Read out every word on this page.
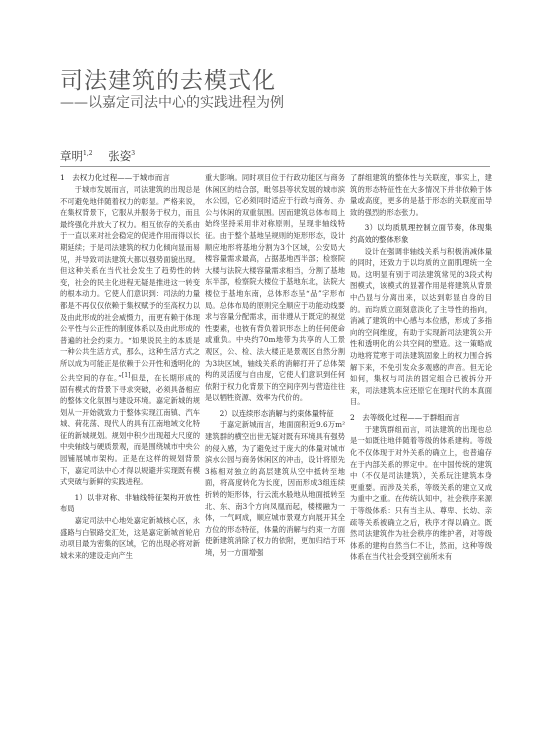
司法建筑的去模式化
——以嘉定司法中心的实践进程为例
章明$^{1,2}$ 张姿$^3$
1　去权力化过程——于城市而言

于城市发展而言，司法建筑的出现总是不可避免地伴随着权力的彰显。严格来说，在集权背景下，它服从并服务于权力，而且最终强化并放大了权力。相互依存的关系由于一直以来对社会稳定的促进作用而得以长期延续；于是司法建筑的权力化倾向显而易见，并导致司法建筑大都以强势面貌出现。但这种关系在当代社会发生了趋势性的转变，社会的民主化进程无疑是推进这一转变的根本动力。它使人们意识到：司法的力量都是不再仅仅依赖于集权赋予的至高权力以及由此形成的社会威慑力，而更有赖于体现公平性与公正性的制度体系以及由此形成的普遍的社会约束力。“如果说民主的本质是一种公共生活方式，那么，这种生活方式之所以成为可能正是依赖于公开性和透明化的公共空间的存在。”[1]但是，在长期形成的固有模式的背景下寻求突破，必须具备相应的整体文化氛围与建设环境。嘉定新城的规划从一开始就致力于整体实现江南镇、汽车城、荷花荡、现代人的具有江南地域文化特征的新城规划。规划中积少出现超大尺度的中央轴线与硬质景观，而是围绕城市中央公园铺展城市架构。正是在这样的规划背景下，嘉定司法中心才得以规避并实现既有模式突破与新鲜的实践进程。

1）以非对称、非轴线特征架构开放性布局

嘉定司法中心地处嘉定新城核心区，永盛路与白银路交汇处，这是嘉定新城首轮启动项目最为密集的区域，它的出现必将对新城未来的建设走向产生

重大影响。同时项目位于行政功能区与商务休闲区的结合部，毗邻县等状发展的城市滨水公园，它必须同时适应于行政与商务、办公与休闲的双重氛围。因而建筑总体布局上始终坚持采用非对称原则，呈现非轴线特征。由于整个基地呈规则的矩形形态，设计顺应地形将基地分割为3个区域，公安局大楼容量需求最高，占据基地西半部；检察院大楼与法院大楼容量需求相当，分割了基地东半部，检察院大楼位于基地东北，法院大楼位于基地东南，总体形态呈“品”字形布局。总体布局的原则完全顺应于功能动线要求与容量分配需求，而非遵从于既定的视觉性要素，也彼有背负着识形态上的任何使命或重负。中央约70m地带为共享的人工景观区，公、检、法大楼正是景观区自然分割为3块区域，轴线关系的消解打开了总体架构的灵活度与自由度，它使人们意识到任何依附于权力化背景下的空间序列与营造往往是以牺牲资源、效率为代价的。

2）以连续形态消解与约束体量特征

于嘉定新城而言，地面面积近9.6万m²建筑群的横空出世无疑对既有环境具有强势的侵入感，为了避免过于庞大的体量对城市滨水公园与商务休闲区的冲击，设计将原先3栋相对独立的高层建筑从空中抵转至地面，将高度转化为长度，因而形成3组连续折转的矩形体，行云流水般地从地面抵转至北、东、南3个方向凤凰而起，楼楼融为一体，一气呵成，顺应城市景观方向展开其全方位的形态特征，体量的消解与约束一方面使新建筑消除了权力的依附，更加归结于环境，另一方面增强

了群组建筑的整体性与关联度，事实上，建筑的形态特征性在大多情况下并非依赖于体量或高度，更多的是基于形态的关联度而导致的强烈的形态张力。

3）以均质肌理控制立面节奏，体现集约高效的整体形象

设计在强调非轴线关系与积极消减体量的同时，还致力于以均质的立面肌理统一全局。这明显有别于司法建筑常见的3段式构图模式，该模式的显著作用是将建筑从背景中凸显与分离出来，以达到彰显自身的目的。而均质立面刻意淡化了主导性的指向，消减了建筑的中心感与本位感，形成了多指向的空间维度，有助于实现新司法建筑公开性和透明化的公共空间的塑造。这一策略成功地将荒寒于司法建筑固象上的权力围合拆解下来，不免引发众多观感的声音。但无论如何，集权与司法的固定组合已被拆分开来，司法建筑本应还原它在现时代的本真面目。

2　去等级化过程——于群组而言

于建筑群组而言，司法建筑的出现也总是一如既往地伴随着等级的体系建构。等级化不仅体现于对外关系的确立上，也普遍存在于内部关系的界定中。在中国传统的建筑中（不仅是司法建筑），关系玩注建筑本身更重要。而涉及关系，等级关系的建立又成为重中之重。在传统认知中，社会秩序来源于等级体系：只有当主从、尊卑、长幼、亲疏等关系被确立之后，秩序才得以确立。既然司法建筑作为社会秩序的维护者，对等级体系的建构自然当仁不让，然而，这种等级体系在当代社会受到空前所未有
